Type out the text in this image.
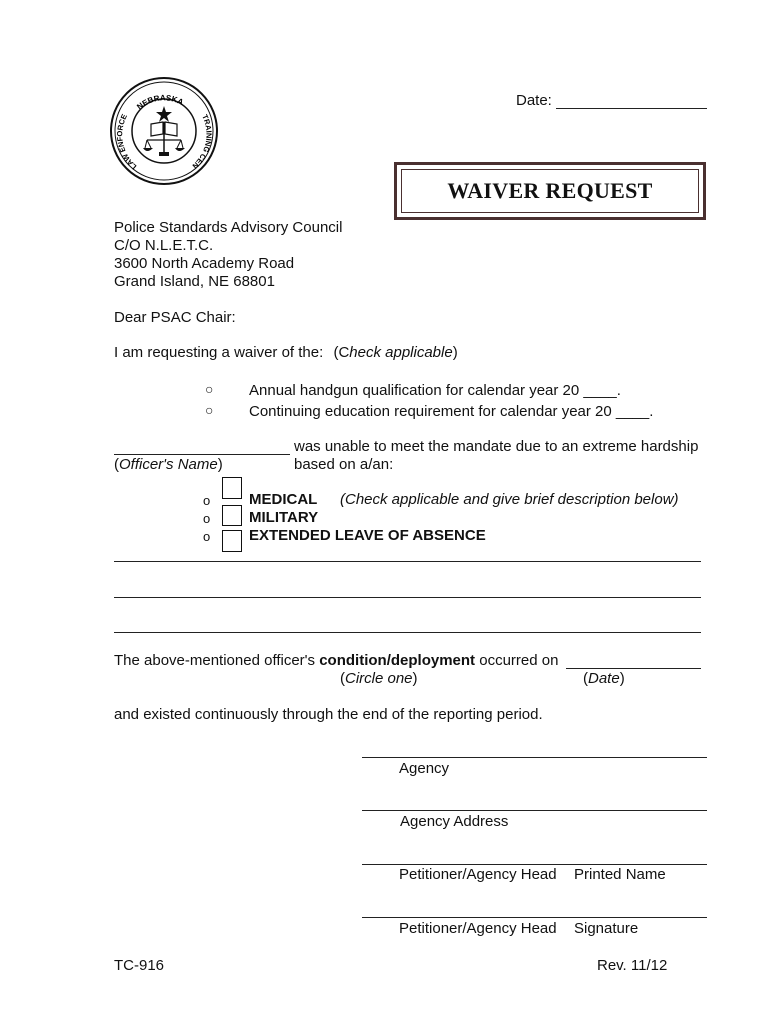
NEBRASKA
LAW ENFORCE	TRAINING CEN
Date:
WAIVER REQUEST
Police Standards Advisory Council
C/O N.L.E.T.C.
3600 North Academy Road
Grand Island, NE 68801
Dear PSAC Chair:
I am requesting a waiver of the: (Check applicable)
○ Annual handgun qualification for calendar year 20 ____.
○ Continuing education requirement for calendar year 20 ____.
was unable to meet the mandate due to an extreme hardship
(Officer's Name)	based on a/an:
o	MEDICAL (Check applicable and give brief description below)
o	MILITARY
o	EXTENDED LEAVE OF ABSENCE
The above-mentioned officer's condition/deployment occurred on
(Circle one)	(Date)
and existed continuously through the end of the reporting period.
Agency
Agency Address
Petitioner/Agency Head Printed Name
Petitioner/Agency Head Signature
TC-916	Rev. 11/12
